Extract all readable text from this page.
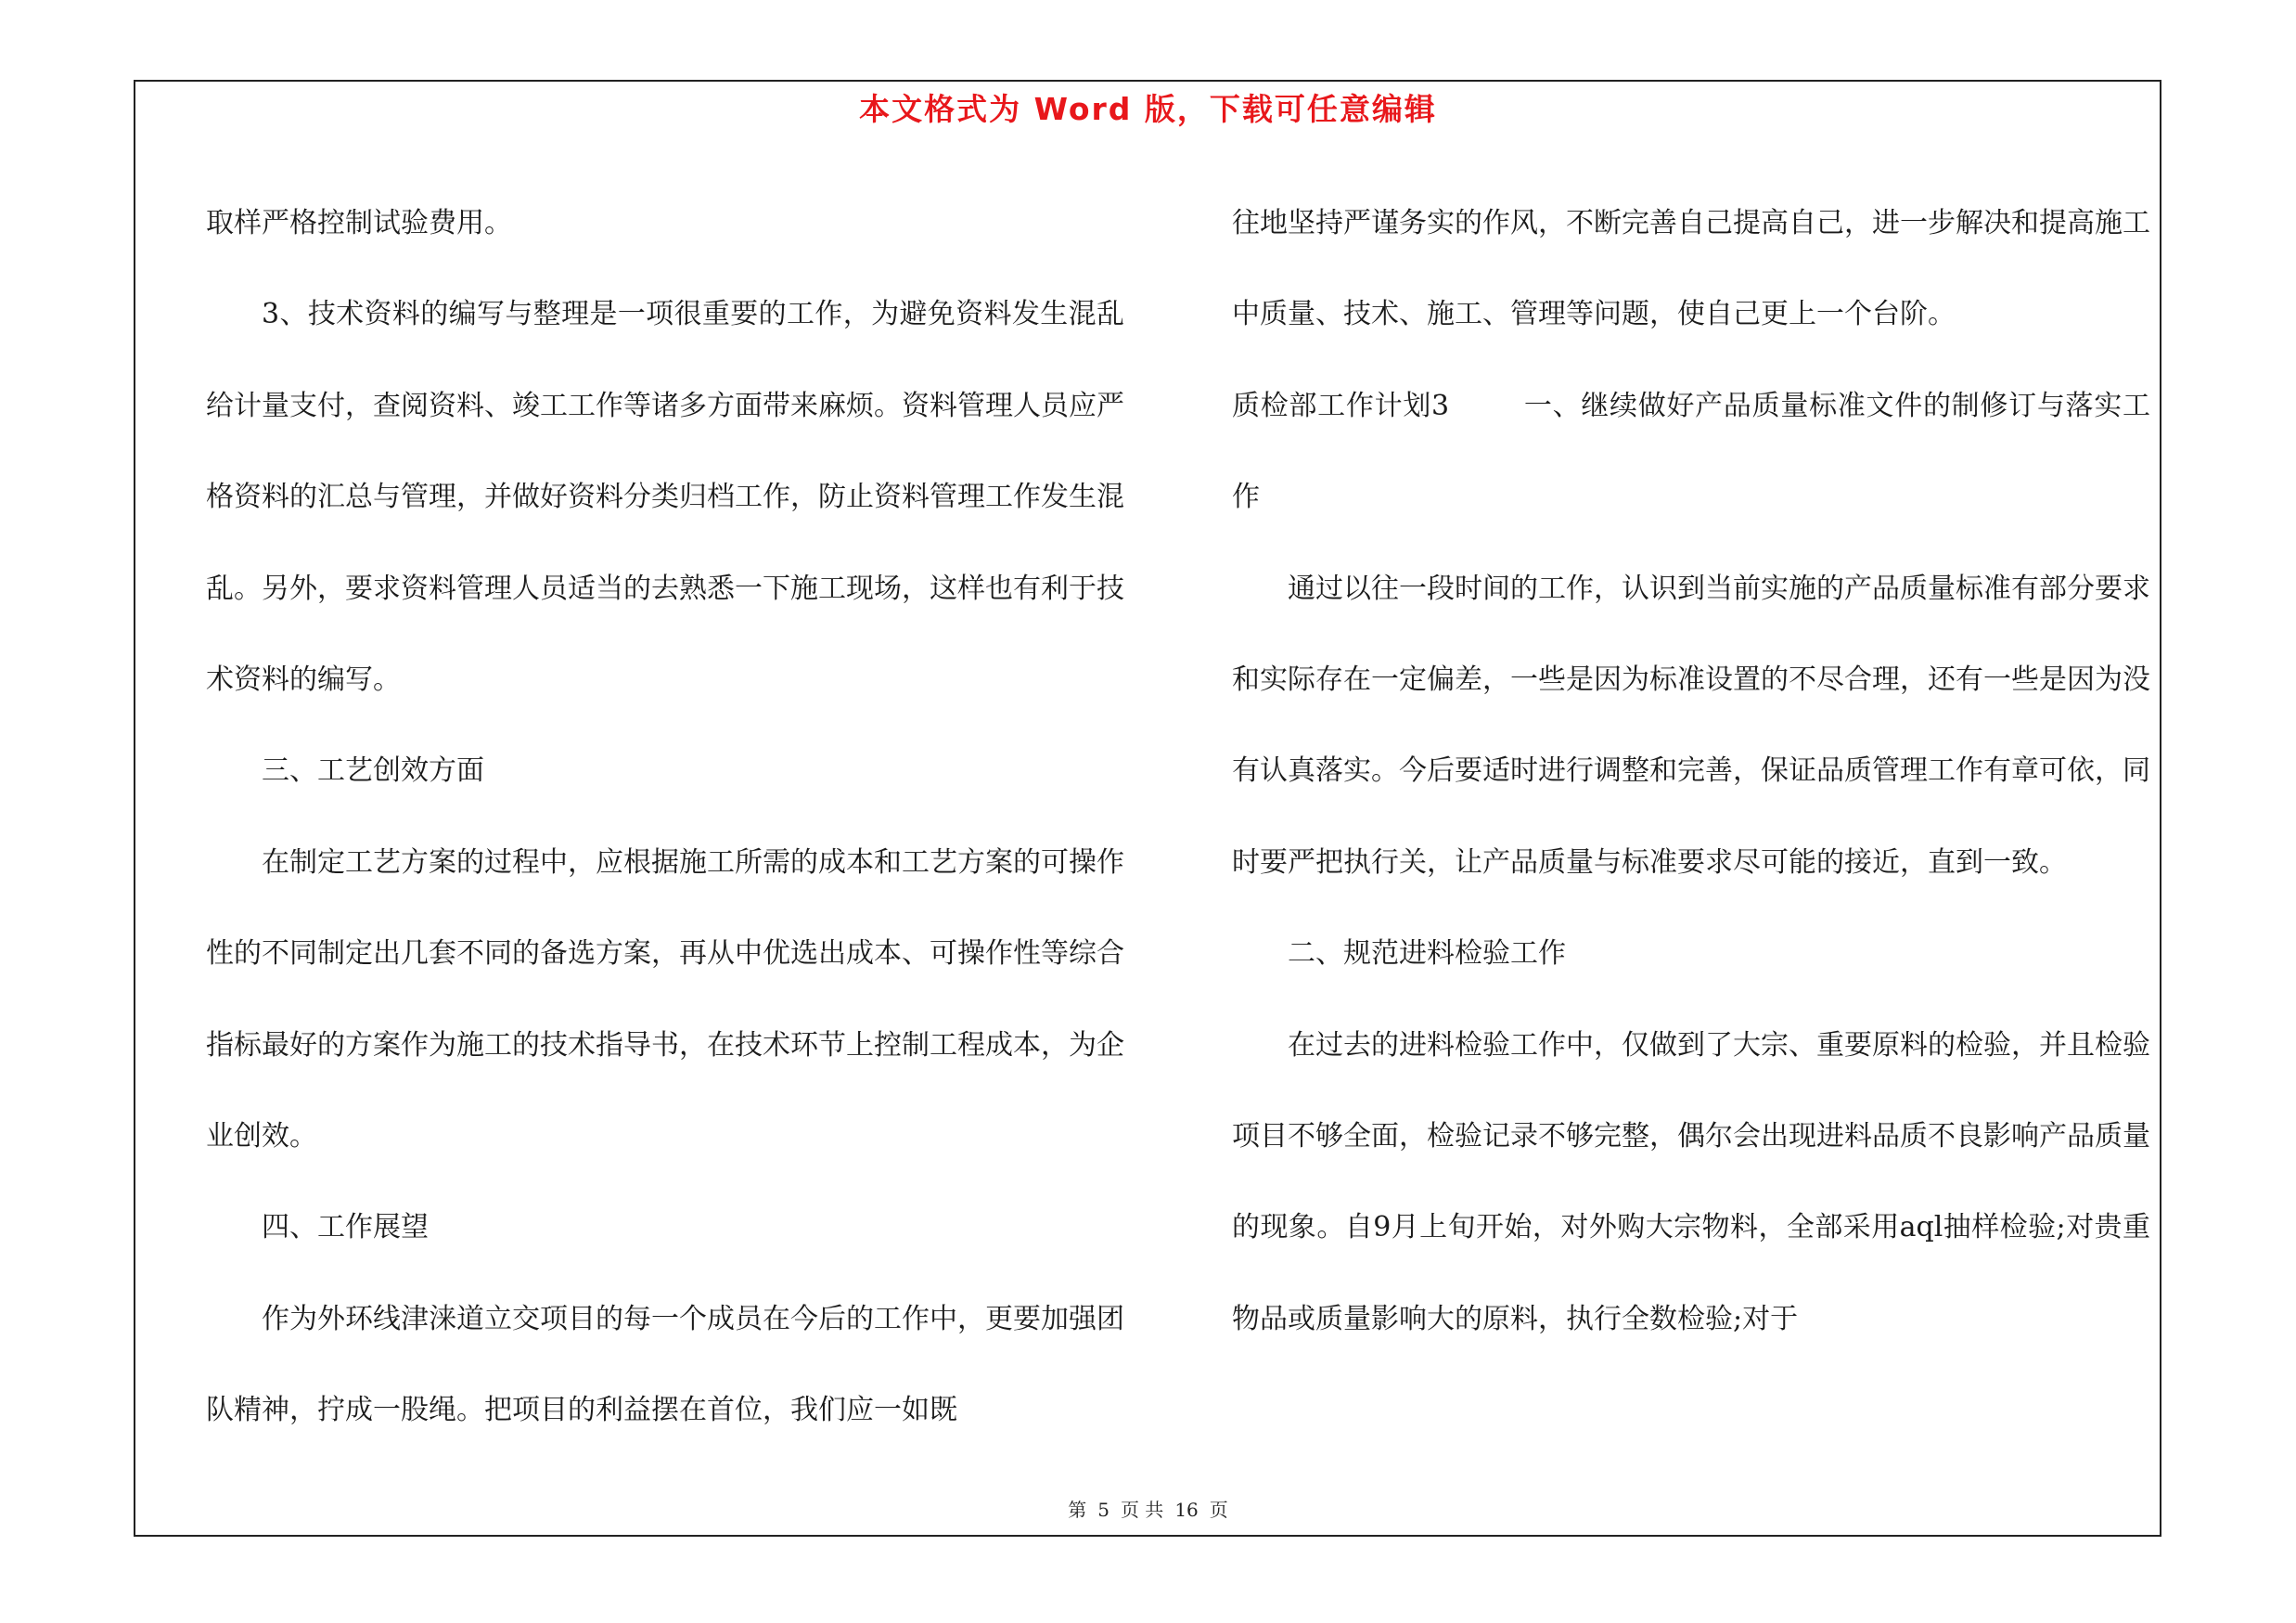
本文格式为 Word 版，下载可任意编辑

取样严格控制试验费用。

3、技术资料的编写与整理是一项很重要的工作，为避免资料发生混乱给计量支付，查阅资料、竣工工作等诸多方面带来麻烦。资料管理人员应严格资料的汇总与管理，并做好资料分类归档工作，防止资料管理工作发生混乱。另外，要求资料管理人员适当的去熟悉一下施工现场，这样也有利于技术资料的编写。

三、工艺创效方面

在制定工艺方案的过程中，应根据施工所需的成本和工艺方案的可操作性的不同制定出几套不同的备选方案，再从中优选出成本、可操作性等综合指标最好的方案作为施工的技术指导书，在技术环节上控制工程成本，为企业创效。

四、工作展望

作为外环线津涞道立交项目的每一个成员在今后的工作中，更要加强团队精神，拧成一股绳。把项目的利益摆在首位，我们应一如既

往地坚持严谨务实的作风，不断完善自己提高自己，进一步解决和提高施工中质量、技术、施工、管理等问题，使自己更上一个台阶。

质检部工作计划3	一、继续做好产品质量标准文件的制修订与落实工作

通过以往一段时间的工作，认识到当前实施的产品质量标准有部分要求和实际存在一定偏差，一些是因为标准设置的不尽合理，还有一些是因为没有认真落实。今后要适时进行调整和完善，保证品质管理工作有章可依，同时要严把执行关，让产品质量与标准要求尽可能的接近，直到一致。

二、规范进料检验工作

在过去的进料检验工作中，仅做到了大宗、重要原料的检验，并且检验项目不够全面，检验记录不够完整，偶尔会出现进料品质不良影响产品质量的现象。自9月上旬开始，对外购大宗物料，全部采用aql抽样检验;对贵重物品或质量影响大的原料，执行全数检验;对于

第 5 页 共 16 页
